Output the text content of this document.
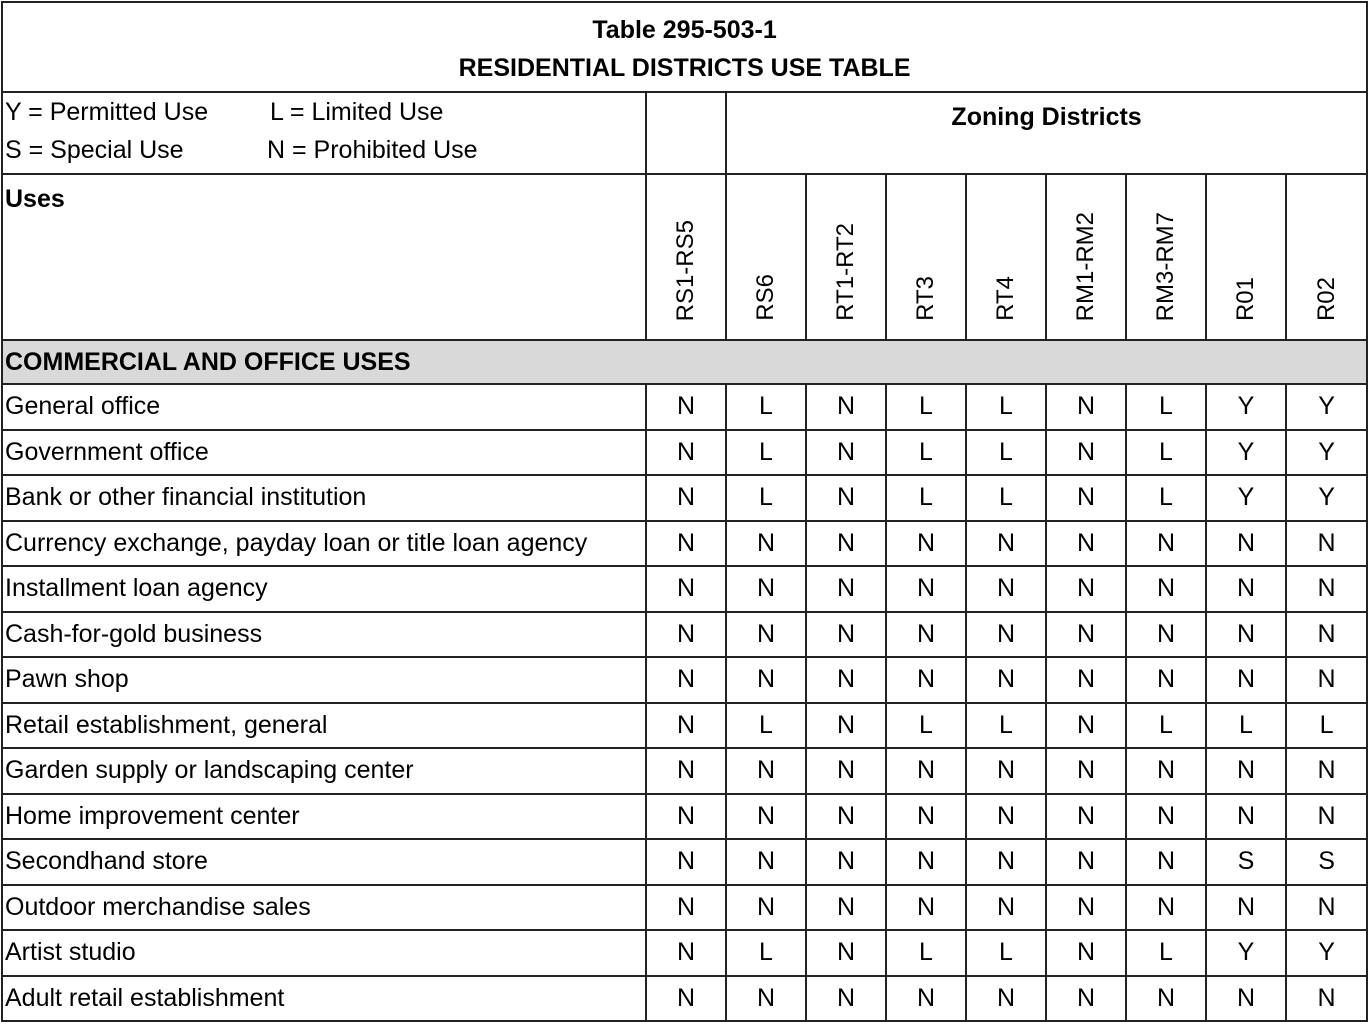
Table 295-503-1
RESIDENTIAL DISTRICTS USE TABLE									

Y = Permitted Use L = Limited Use
S = Special Use N = Prohibited Use		Zoning Districts							
Uses	RS1-RS5	RS6	RT1-RT2	RT3	RT4	RM1-RM2	RM3-RM7	R01	R02

COMMERCIAL AND OFFICE USES									
General office	N	L	N	L	L	N	L	Y	Y
Government office	N	L	N	L	L	N	L	Y	Y
Bank or other financial institution	N	L	N	L	L	N	L	Y	Y
Currency exchange, payday loan or title loan agency	N	N	N	N	N	N	N	N	N
Installment loan agency	N	N	N	N	N	N	N	N	N
Cash-for-gold business	N	N	N	N	N	N	N	N	N
Pawn shop	N	N	N	N	N	N	N	N	N
Retail establishment, general	N	L	N	L	L	N	L	L	L
Garden supply or landscaping center	N	N	N	N	N	N	N	N	N
Home improvement center	N	N	N	N	N	N	N	N	N
Secondhand store	N	N	N	N	N	N	N	S	S
Outdoor merchandise sales	N	N	N	N	N	N	N	N	N
Artist studio	N	L	N	L	L	N	L	Y	Y
Adult retail establishment	N	N	N	N	N	N	N	N	N
